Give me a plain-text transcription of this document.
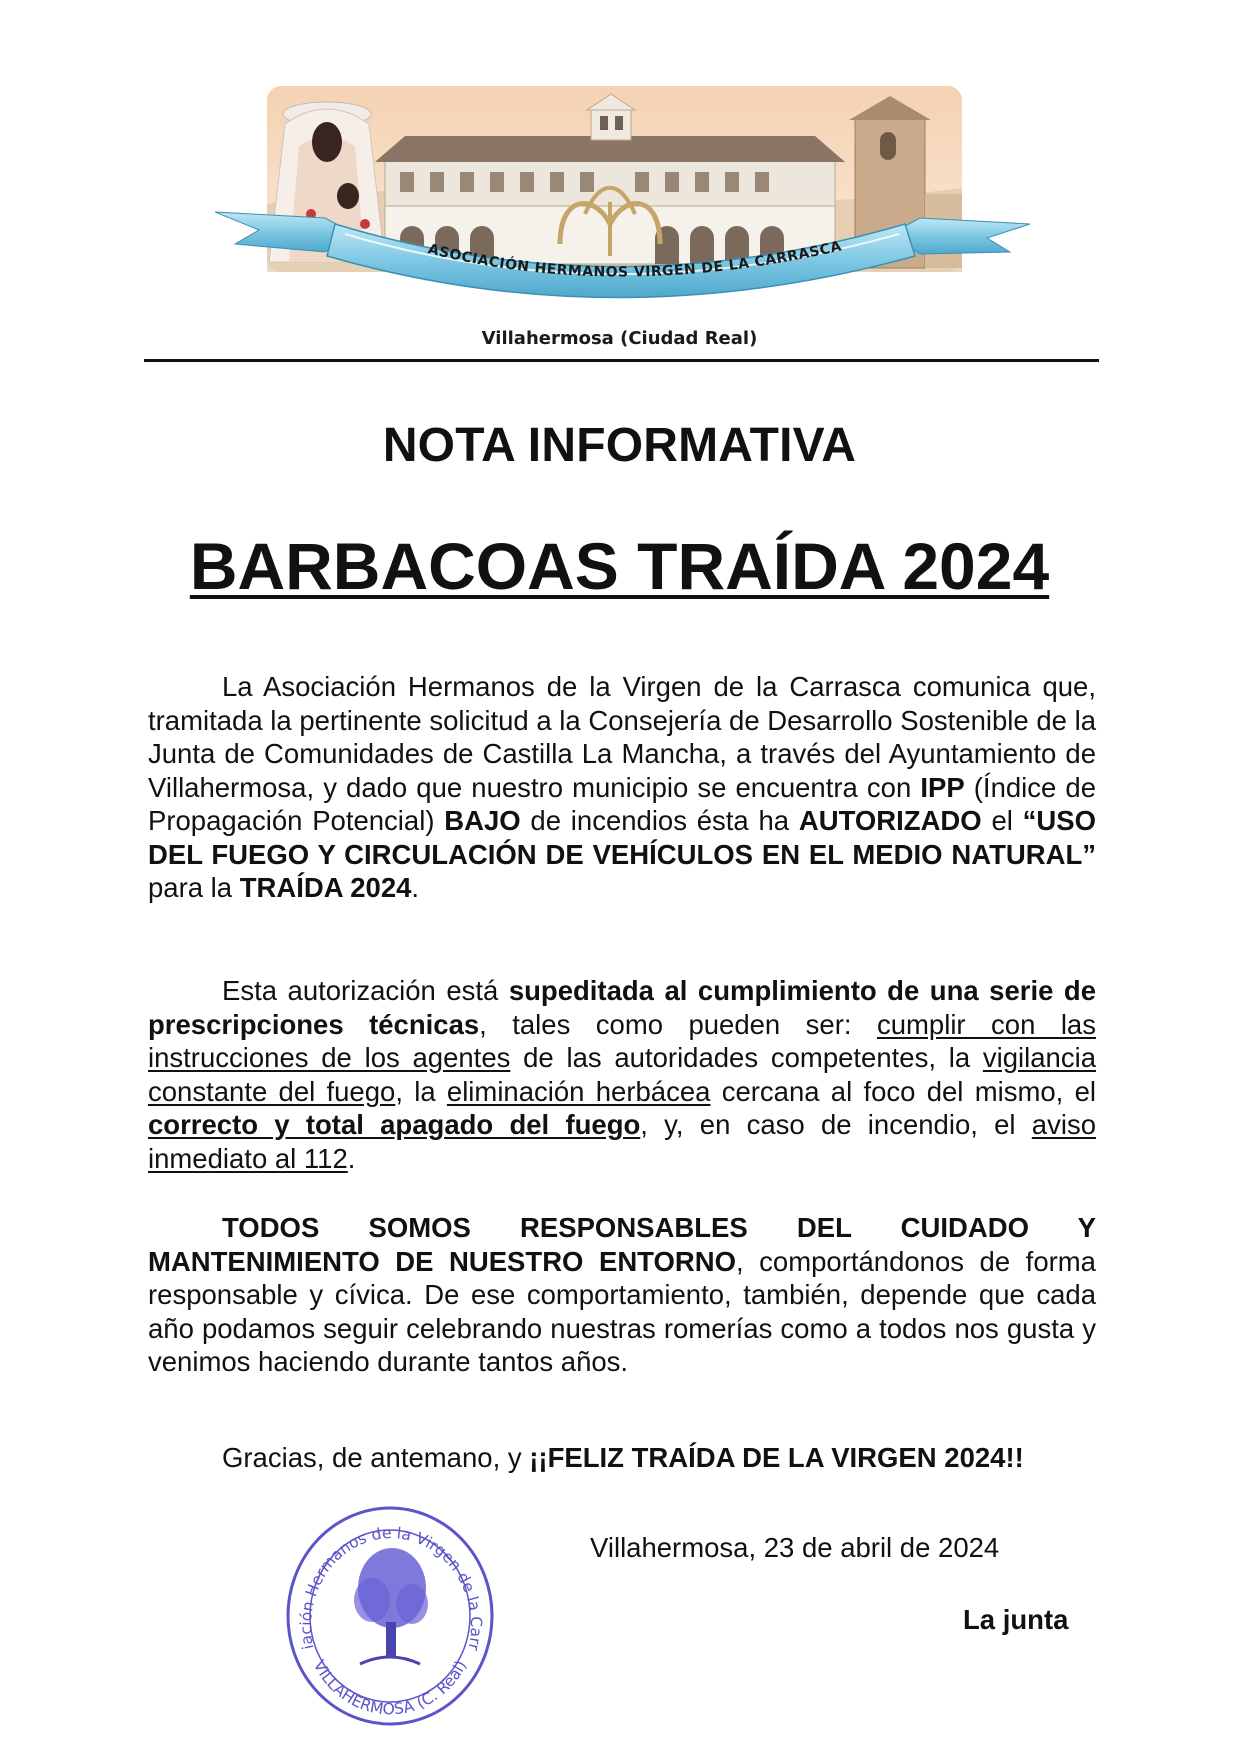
ASOCIACIÓN HERMANOS VIRGEN DE LA CARRASCA
Villahermosa (Ciudad Real)
NOTA INFORMATIVA
BARBACOAS TRAÍDA 2024

La Asociación Hermanos de la Virgen de la Carrasca comunica que, tramitada la pertinente solicitud a la Consejería de Desarrollo Sostenible de la Junta de Comunidades de Castilla La Mancha, a través del Ayuntamiento de Villahermosa, y dado que nuestro municipio se encuentra con IPP (Índice de Propagación Potencial) BAJO de incendios ésta ha AUTORIZADO el “USO DEL FUEGO Y CIRCULACIÓN DE VEHÍCULOS EN EL MEDIO NATURAL” para la TRAÍDA 2024.

Esta autorización está supeditada al cumplimiento de una serie de prescripciones técnicas, tales como pueden ser: cumplir con las instrucciones de los agentes de las autoridades competentes, la vigilancia constante del fuego, la eliminación herbácea cercana al foco del mismo, el correcto y total apagado del fuego, y, en caso de incendio, el aviso inmediato al 112.

TODOS SOMOS RESPONSABLES DEL CUIDADO Y MANTENIMIENTO DE NUESTRO ENTORNO, comportándonos de forma responsable y cívica. De ese comportamiento, también, depende que cada año podamos seguir celebrando nuestras romerías como a todos nos gusta y venimos haciendo durante tantos años.

Gracias, de antemano, y ¡¡FELIZ TRAÍDA DE LA VIRGEN 2024!!
Villahermosa, 23 de abril de 2024
La junta
iación Hermanos de la Virgen de la Carr
VILLAHERMOSA (C. Real)
